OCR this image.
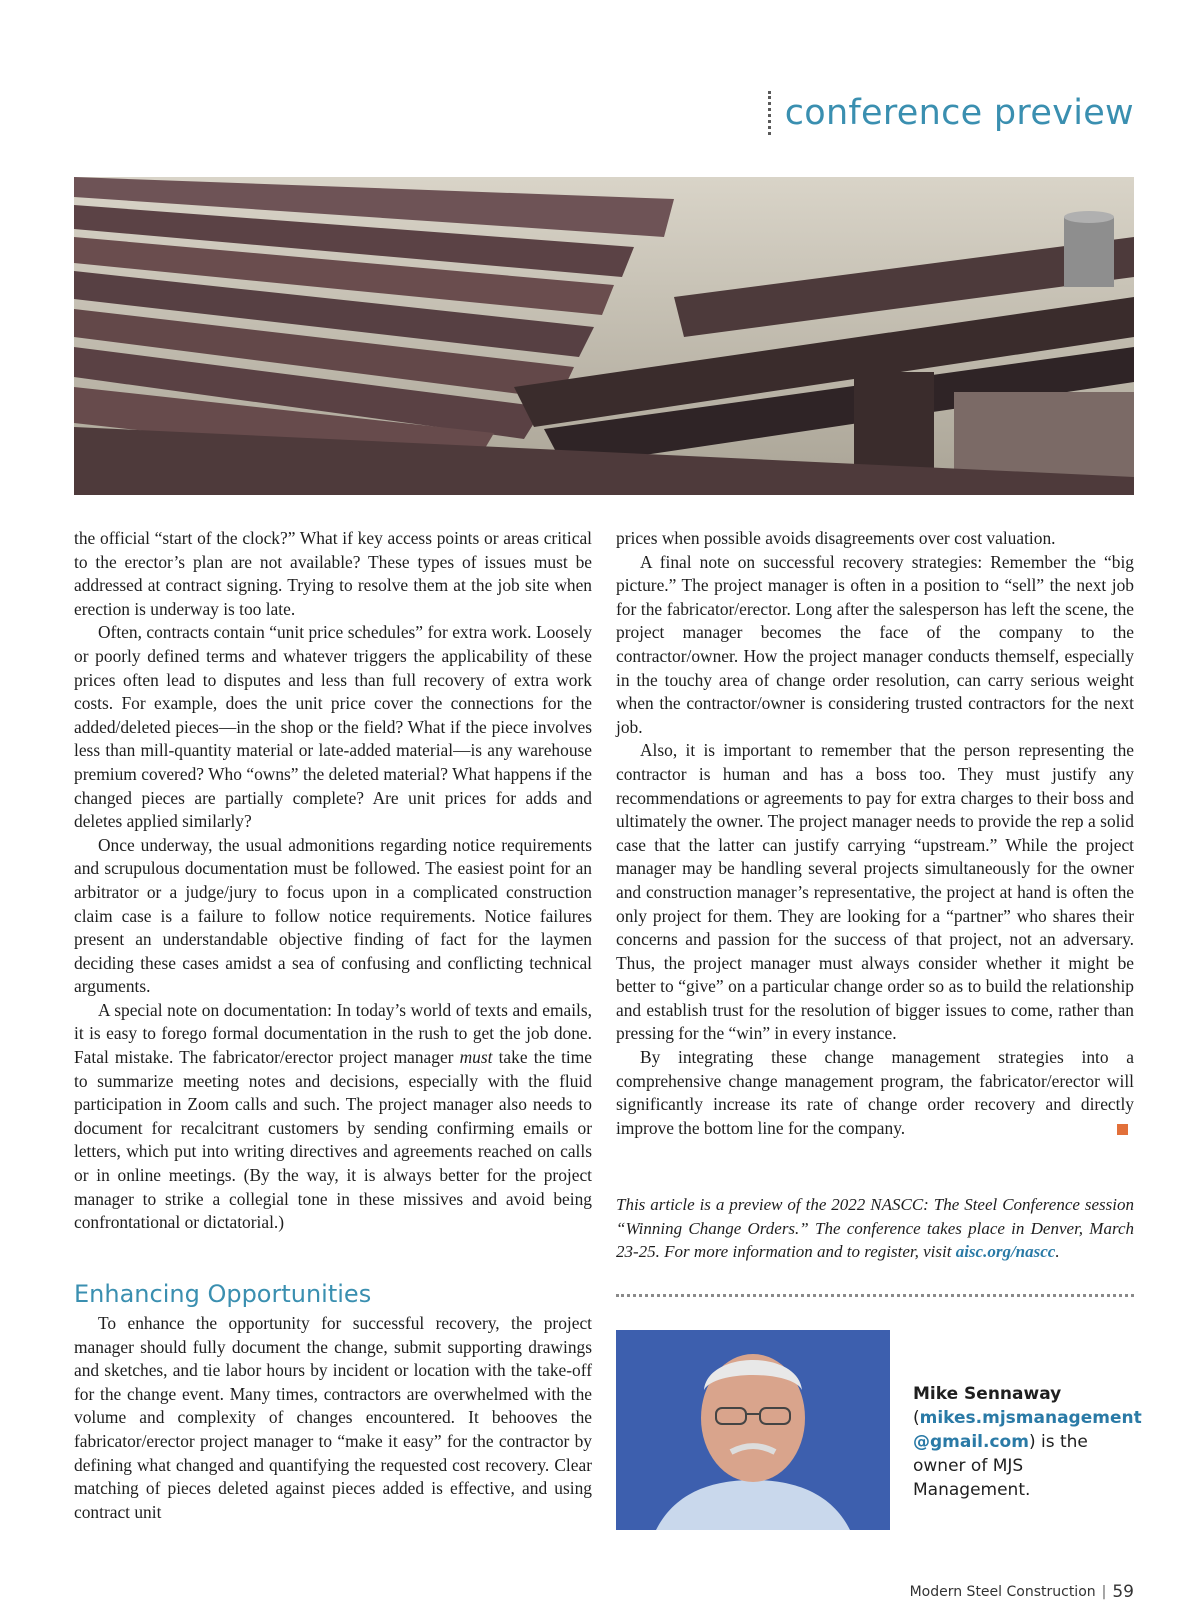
conference preview

the official “start of the clock?” What if key access points or areas critical to the erector’s plan are not available? These types of issues must be addressed at contract signing. Trying to resolve them at the job site when erection is underway is too late.

Often, contracts contain “unit price schedules” for extra work. Loosely or poorly defined terms and whatever triggers the applicability of these prices often lead to disputes and less than full recovery of extra work costs. For example, does the unit price cover the connections for the added/deleted pieces—in the shop or the field? What if the piece involves less than mill-quantity material or late-added material—is any warehouse premium covered? Who “owns” the deleted material? What happens if the changed pieces are partially complete? Are unit prices for adds and deletes applied similarly?

Once underway, the usual admonitions regarding notice requirements and scrupulous documentation must be followed. The easiest point for an arbitrator or a judge/jury to focus upon in a complicated construction claim case is a failure to follow notice requirements. Notice failures present an understandable objective finding of fact for the laymen deciding these cases amidst a sea of confusing and conflicting technical arguments.

A special note on documentation: In today’s world of texts and emails, it is easy to forego formal documentation in the rush to get the job done. Fatal mistake. The fabricator/erector project manager must take the time to summarize meeting notes and decisions, especially with the fluid participation in Zoom calls and such. The project manager also needs to document for recalcitrant customers by sending confirming emails or letters, which put into writing directives and agreements reached on calls or in online meetings. (By the way, it is always better for the project manager to strike a collegial tone in these missives and avoid being confrontational or dictatorial.)

Enhancing Opportunities

To enhance the opportunity for successful recovery, the project manager should fully document the change, submit supporting drawings and sketches, and tie labor hours by incident or location with the take-off for the change event. Many times, contractors are overwhelmed with the volume and complexity of changes encountered. It behooves the fabricator/erector project manager to “make it easy” for the contractor by defining what changed and quantifying the requested cost recovery. Clear matching of pieces deleted against pieces added is effective, and using contract unit

prices when possible avoids disagreements over cost valuation.

A final note on successful recovery strategies: Remember the “big picture.” The project manager is often in a position to “sell” the next job for the fabricator/erector. Long after the salesperson has left the scene, the project manager becomes the face of the company to the contractor/owner. How the project manager conducts themself, especially in the touchy area of change order resolution, can carry serious weight when the contractor/owner is considering trusted contractors for the next job.

Also, it is important to remember that the person representing the contractor is human and has a boss too. They must justify any recommendations or agreements to pay for extra charges to their boss and ultimately the owner. The project manager needs to provide the rep a solid case that the latter can justify carrying “upstream.” While the project manager may be handling several projects simultaneously for the owner and construction manager’s representative, the project at hand is often the only project for them. They are looking for a “partner” who shares their concerns and passion for the success of that project, not an adversary. Thus, the project manager must always consider whether it might be better to “give” on a particular change order so as to build the relationship and establish trust for the resolution of bigger issues to come, rather than pressing for the “win” in every instance.

By integrating these change management strategies into a comprehensive change management program, the fabricator/erector will significantly increase its rate of change order recovery and directly improve the bottom line for the company.

This article is a preview of the 2022 NASCC: The Steel Conference session “Winning Change Orders.” The conference takes place in Denver, March 23-25. For more information and to register, visit aisc.org/nascc.
Mike Sennaway
(mikes.mjsmanagement @gmail.com) is the owner of MJS Management.
Modern Steel Construction | 59
